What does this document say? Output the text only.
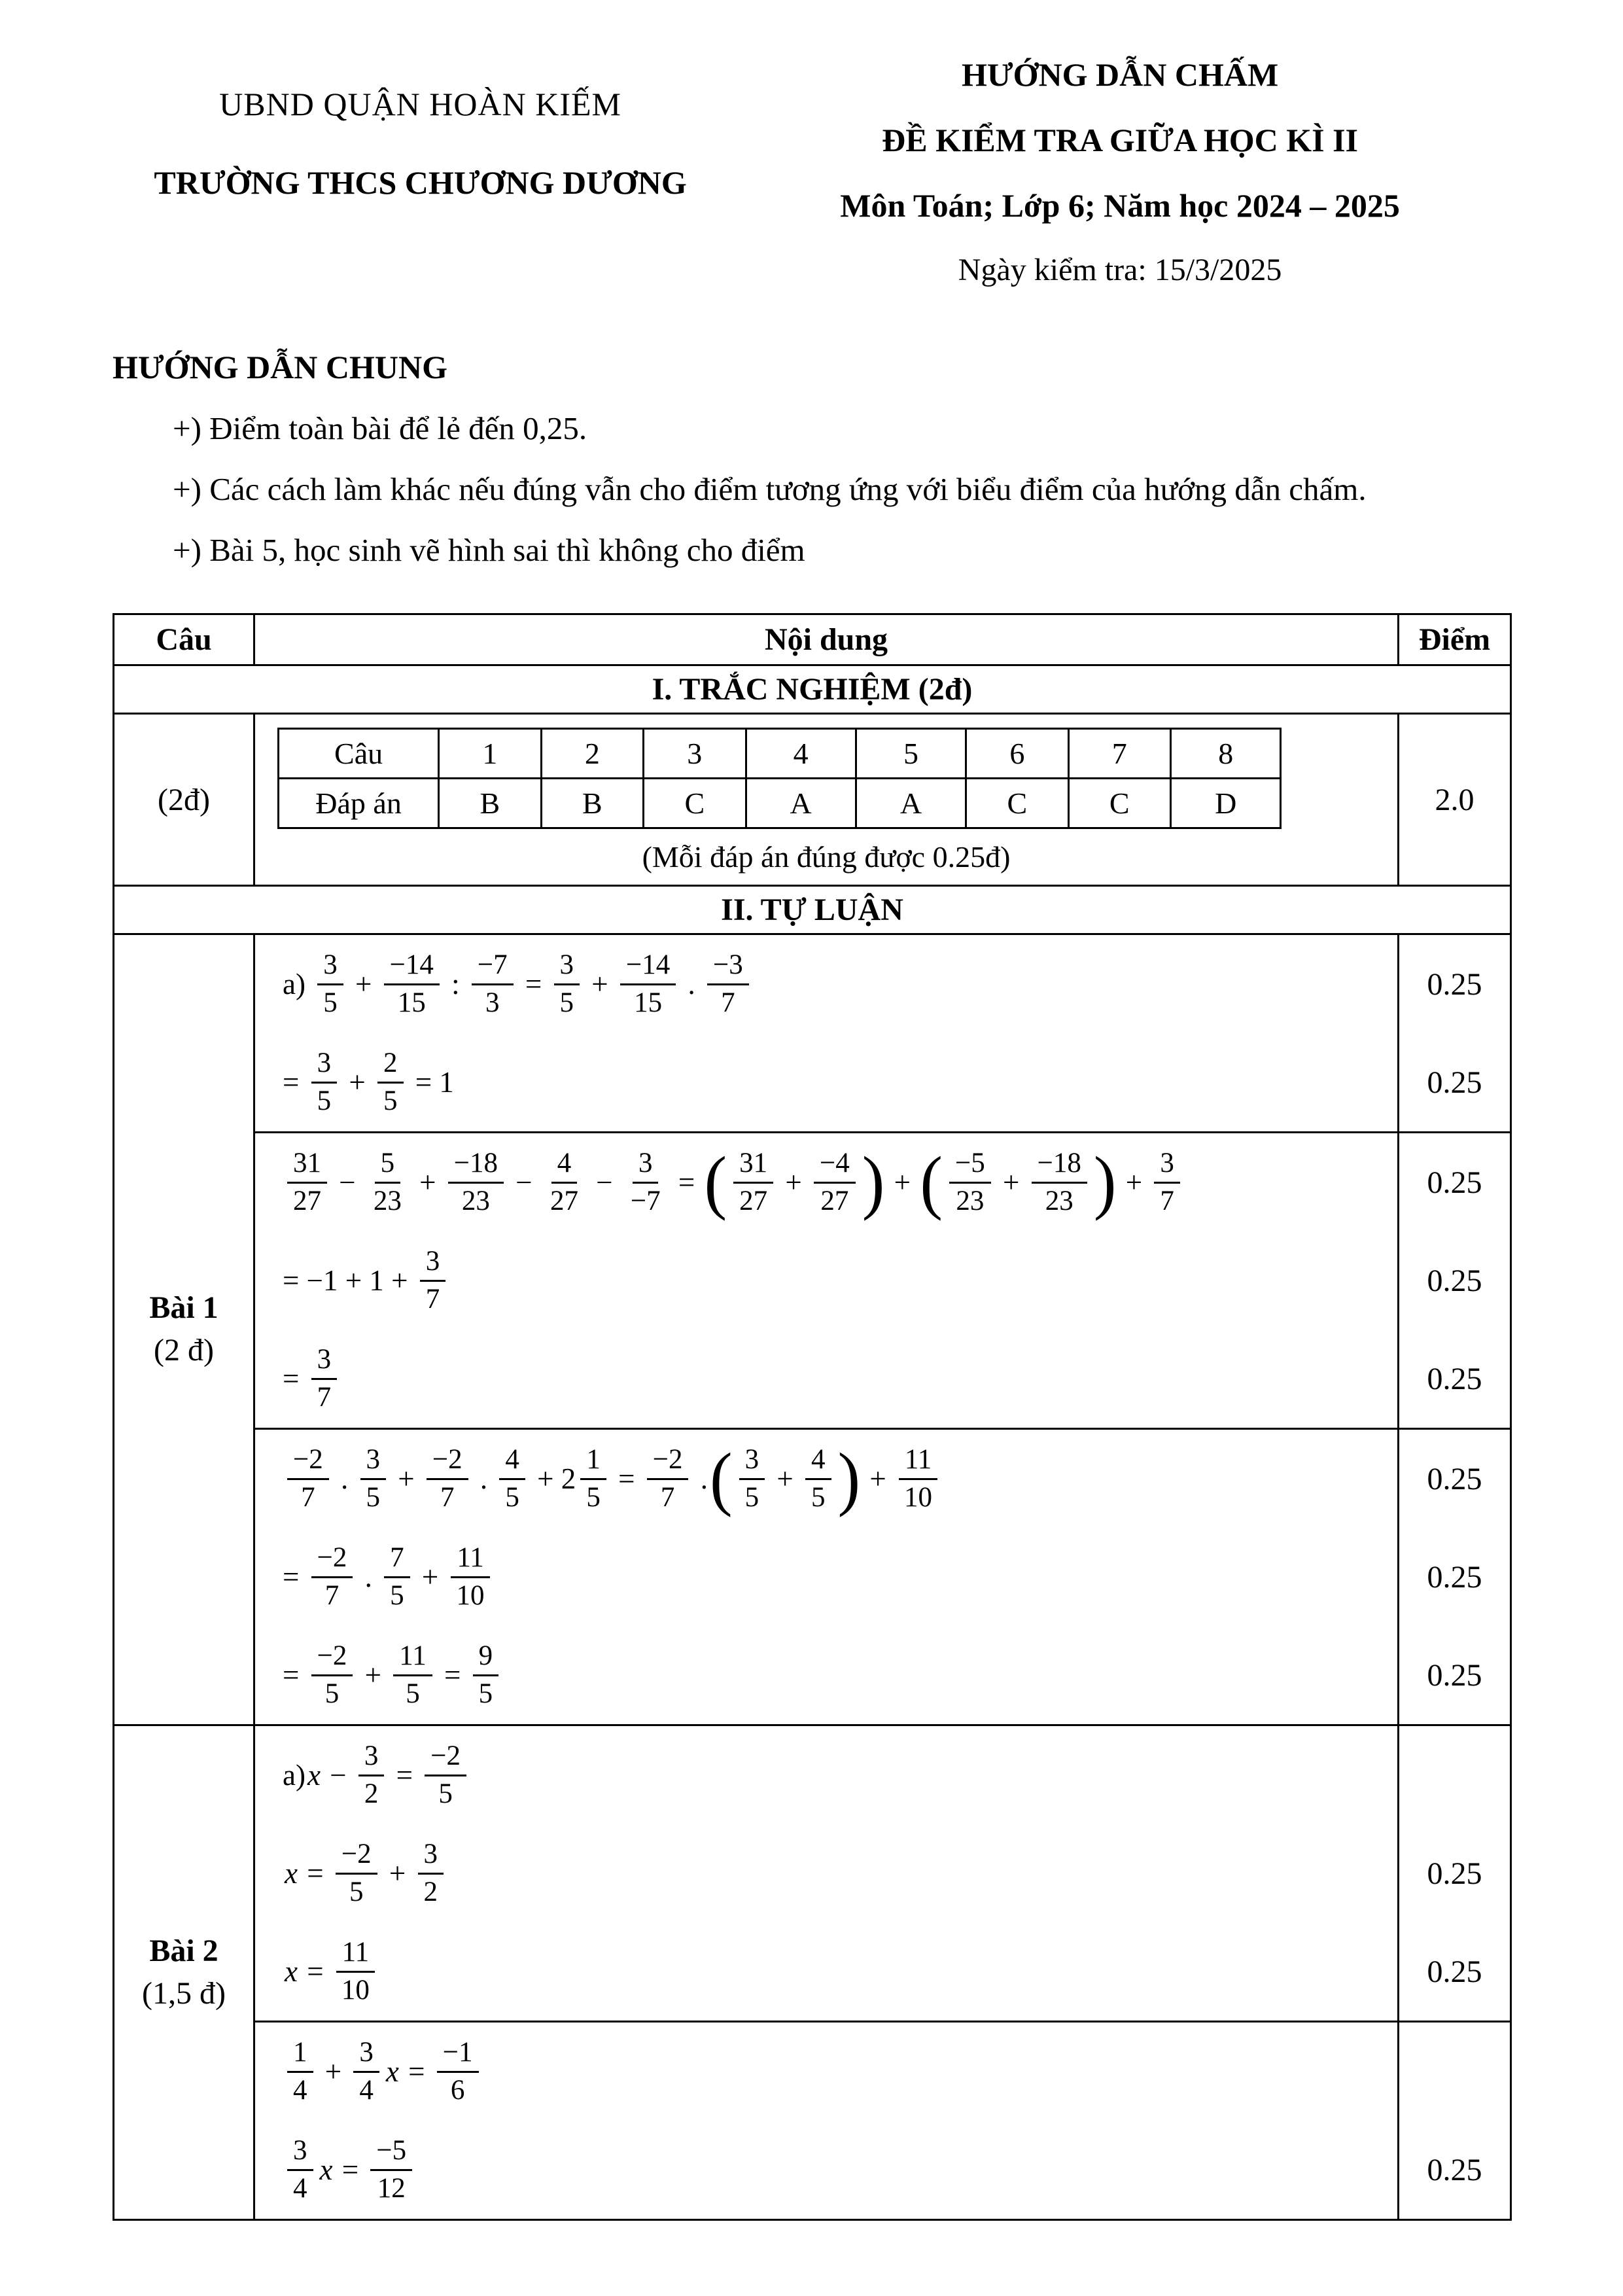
UBND QUẬN HOÀN KIẾM
TRƯỜNG THCS CHƯƠNG DƯƠNG
HƯỚNG DẪN CHẤM
ĐỀ KIỂM TRA GIỮA HỌC KÌ II
Môn Toán; Lớp 6; Năm học 2024 – 2025
Ngày kiểm tra: 15/3/2025
HƯỚNG DẪN CHUNG
+) Điểm toàn bài để lẻ đến 0,25.
+) Các cách làm khác nếu đúng vẫn cho điểm tương ứng với biểu điểm của hướng dẫn chấm.
+) Bài 5, học sinh vẽ hình sai thì không cho điểm
Câu	Nội dung	Điểm
I. TRẮC NGHIỆM (2đ)
(2đ)	
Câu	1	2	3	4	5	6	7	8
Đáp án	B	B	C	A	A	C	C	D
(Mỗi đáp án đúng được 0.25đ)
	2.0
II. TỰ LUẬN

Bài 1
(2 đ)

$a) \frac{3}{5} + \frac{-14}{15}$ : $\frac{-7}{3} = \frac{3}{5} + \frac{-14}{15}$ . $\frac{-3}{7}$	0.25

= $\frac{3}{5} + \frac{2}{5} = 1$	0.25

$\frac{31}{27} - \frac{5}{23} + \frac{-18}{23} - \frac{4}{27} - \frac{3}{-7}$ = ( $\frac{31}{27} + \frac{-4}{27}$ ) + ( $\frac{-5}{23} + \frac{-18}{23}$ ) + $\frac{3}{7}$	0.25

= $-1 + 1 + \frac{3}{7}$	0.25

= $\frac{3}{7}$	0.25

$\frac{-2}{7}$ . $\frac{3}{5} + \frac{-2}{7}$ . $\frac{4}{5} + 2 \frac{1}{5} = \frac{-2}{7}$ . ( $\frac{3}{5} + \frac{4}{5}$ ) + $\frac{11}{10}$	0.25

= $\frac{-2}{7}$ . $\frac{7}{5} + \frac{11}{10}$	0.25

= $\frac{-2}{5} + \frac{11}{5} = \frac{9}{5}$	0.25

Bài 2
(1,5 đ)

a) $x - \frac{3}{2} = \frac{-2}{5}$

$x = \frac{-2}{5} + \frac{3}{2}$	0.25

$x = \frac{11}{10}$	0.25

$\frac{1}{4} + \frac{3}{4}$ $x = \frac{-1}{6}$

$\frac{3}{4}$ $x = \frac{-5}{12}$	0.25
